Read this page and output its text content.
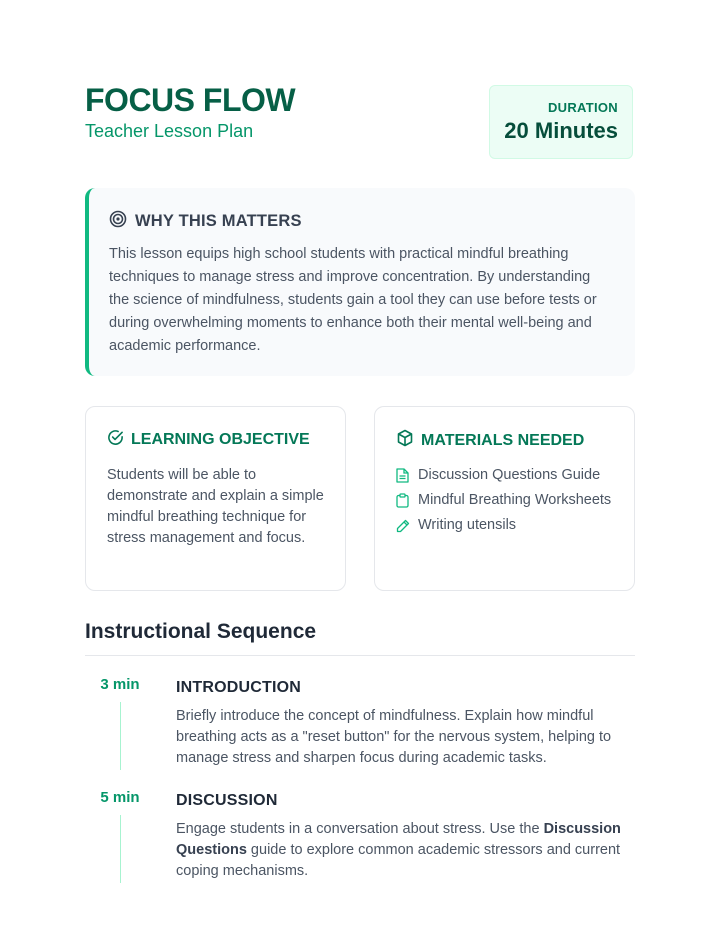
FOCUS FLOW
Teacher Lesson Plan
DURATION
20 Minutes
WHY THIS MATTERS
This lesson equips high school students with practical mindful breathing techniques to manage stress and improve concentration. By understanding the science of mindfulness, students gain a tool they can use before tests or during overwhelming moments to enhance both their mental well-being and academic performance.
LEARNING OBJECTIVE
Students will be able to demonstrate and explain a simple mindful breathing technique for stress management and focus.
MATERIALS NEEDED
Discussion Questions Guide
Mindful Breathing Worksheets
Writing utensils
Instructional Sequence
3 min	INTRODUCTION
Briefly introduce the concept of mindfulness. Explain how mindful breathing acts as a "reset button" for the nervous system, helping to manage stress and sharpen focus during academic tasks.
5 min	DISCUSSION
Engage students in a conversation about stress. Use the Discussion Questions guide to explore common academic stressors and current coping mechanisms.
